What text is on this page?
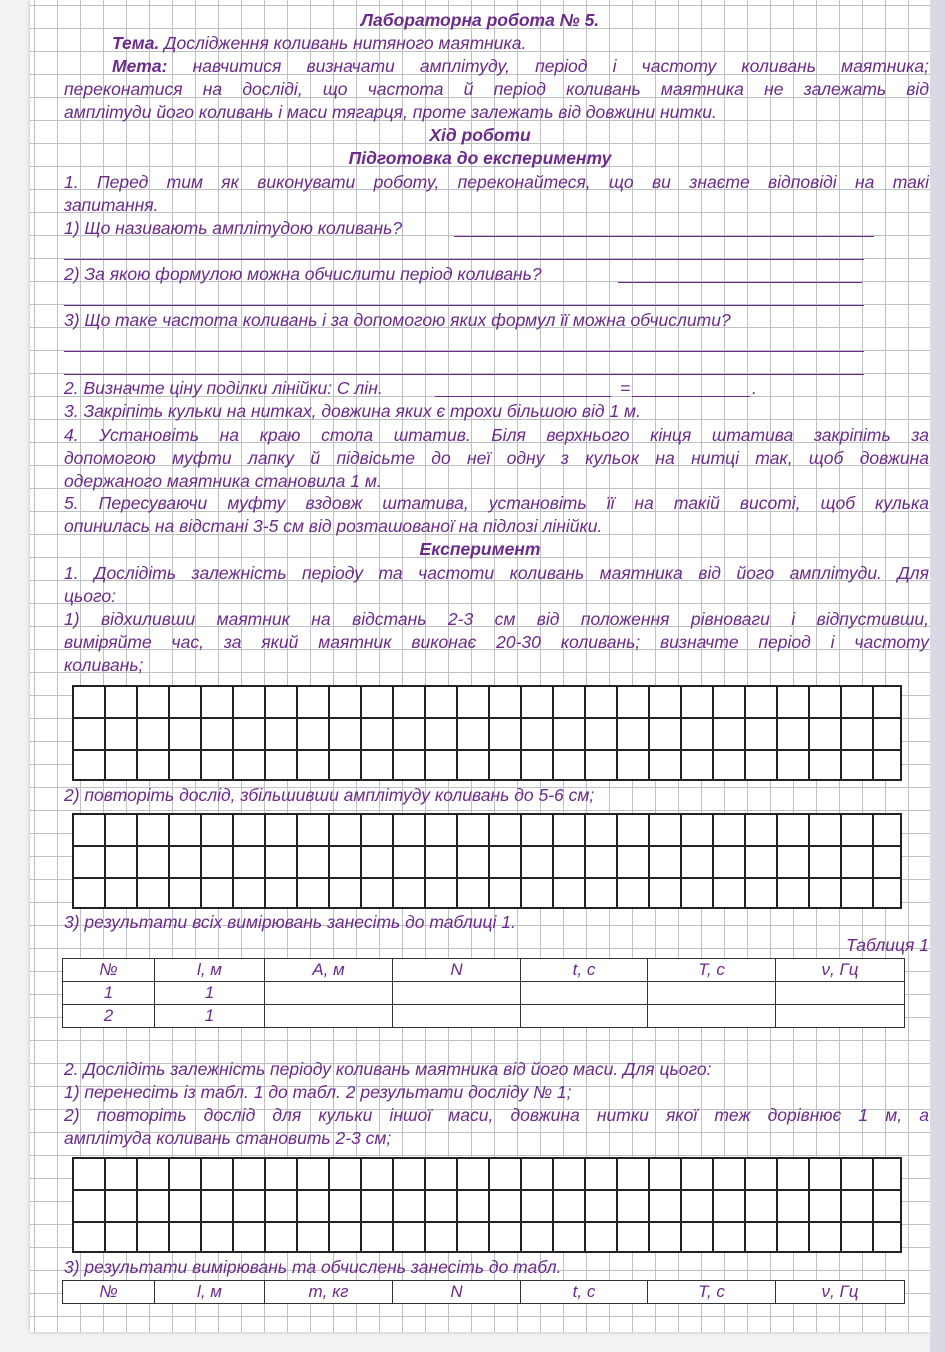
Лабораторна робота № 5.
Тема. Дослідження коливань нитяного маятника.
Мета: навчитися визначати амплітуду, період і частоту коливань маятника;
переконатися на досліді, що частота й період коливань маятника не залежать від
амплітуди його коливань і маси тягарця, проте залежать від довжини нитки.
Хід роботи
Підготовка до експерименту
1. Перед тим як виконувати роботу, переконайтеся, що ви знаєте відповіді на такі
запитання.
1) Що називають амплітудою коливань?
2) За якою формулою можна обчислити період коливань?
3) Що таке частота коливань і за допомогою яких формул її можна обчислити?
2. Визначте ціну поділки лінійки: С лін.	=	.
3. Закріпіть кульки на нитках, довжина яких є трохи більшою від 1 м.
4. Установіть на краю стола штатив. Біля верхнього кінця штатива закріпіть за
допомогою муфти лапку й підвісьте до неї одну з кульок на нитці так, щоб довжина
одержаного маятника становила 1 м.
5. Пересуваючи муфту вздовж штатива, установіть її на такій висоті, щоб кулька
опинилась на відстані 3-5 см від розташованої на підлозі лінійки.
Експеримент
1. Дослідіть залежність періоду та частоти коливань маятника від його амплітуди. Для
цього:
1) відхиливши маятник на відстань 2-3 см від положення рівноваги і відпустивши,
виміряйте час, за який маятник виконає 20-30 коливань; визначте період і частоту
коливань;
2) повторіть дослід, збільшивши амплітуду коливань до 5-6 см;
3) результати всіх вимірювань занесіть до таблиці 1.
Таблиця 1
№	l, м	A, м	N	t, с	T, с	ν, Гц
1	1					
2	1					
2. Дослідіть залежність періоду коливань маятника від його маси. Для цього:
1) перенесіть із табл. 1 до табл. 2 результати досліду № 1;
2) повторіть дослід для кульки іншої маси, довжина нитки якої теж дорівнює 1 м, а
амплітуда коливань становить 2-3 см;
3) результати вимірювань та обчислень занесіть до табл.
№	l, м	m, кг	N	t, с	T, с	ν, Гц
